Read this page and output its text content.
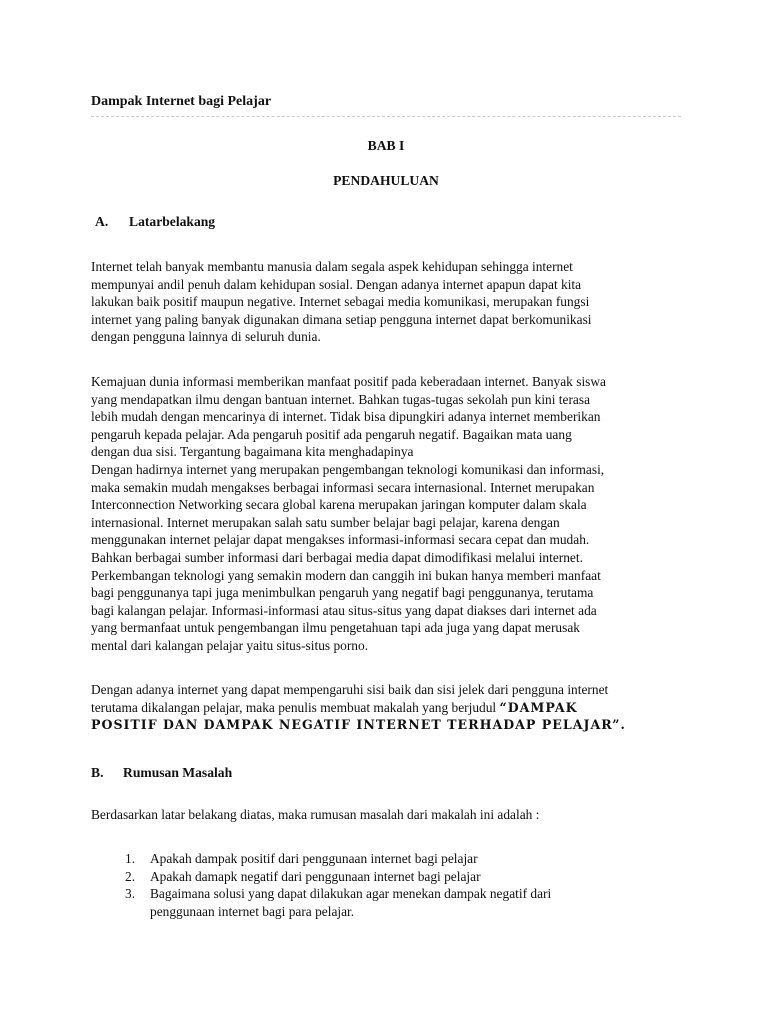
Dampak Internet bagi Pelajar
BAB I
PENDAHULUAN
A. Latarbelakang
Internet telah banyak membantu manusia dalam segala aspek kehidupan sehingga internet
mempunyai andil penuh dalam kehidupan sosial. Dengan adanya internet apapun dapat kita
lakukan baik positif maupun negative. Internet sebagai media komunikasi, merupakan fungsi
internet yang paling banyak digunakan dimana setiap pengguna internet dapat berkomunikasi
dengan pengguna lainnya di seluruh dunia.
Kemajuan dunia informasi memberikan manfaat positif pada keberadaan internet. Banyak siswa
yang mendapatkan ilmu dengan bantuan internet. Bahkan tugas-tugas sekolah pun kini terasa
lebih mudah dengan mencarinya di internet. Tidak bisa dipungkiri adanya internet memberikan
pengaruh kepada pelajar. Ada pengaruh positif ada pengaruh negatif. Bagaikan mata uang
dengan dua sisi. Tergantung bagaimana kita menghadapinya
Dengan hadirnya internet yang merupakan pengembangan teknologi komunikasi dan informasi,
maka semakin mudah mengakses berbagai informasi secara internasional. Internet merupakan
Interconnection Networking secara global karena merupakan jaringan komputer dalam skala
internasional. Internet merupakan salah satu sumber belajar bagi pelajar, karena dengan
menggunakan internet pelajar dapat mengakses informasi-informasi secara cepat dan mudah.
Bahkan berbagai sumber informasi dari berbagai media dapat dimodifikasi melalui internet.
Perkembangan teknologi yang semakin modern dan canggih ini bukan hanya memberi manfaat
bagi penggunanya tapi juga menimbulkan pengaruh yang negatif bagi penggunanya, terutama
bagi kalangan pelajar. Informasi-informasi atau situs-situs yang dapat diakses dari internet ada
yang bermanfaat untuk pengembangan ilmu pengetahuan tapi ada juga yang dapat merusak
mental dari kalangan pelajar yaitu situs-situs porno.
Dengan adanya internet yang dapat mempengaruhi sisi baik dan sisi jelek dari pengguna internet
terutama dikalangan pelajar, maka penulis membuat makalah yang berjudul “DAMPAK
POSITIF DAN DAMPAK NEGATIF INTERNET TERHADAP PELAJAR”.
B. Rumusan Masalah
Berdasarkan latar belakang diatas, maka rumusan masalah dari makalah ini adalah :
1.	Apakah dampak positif dari penggunaan internet bagi pelajar
2.	Apakah damapk negatif dari penggunaan internet bagi pelajar
3.	Bagaimana solusi yang dapat dilakukan agar menekan dampak negatif dari
penggunaan internet bagi para pelajar.
